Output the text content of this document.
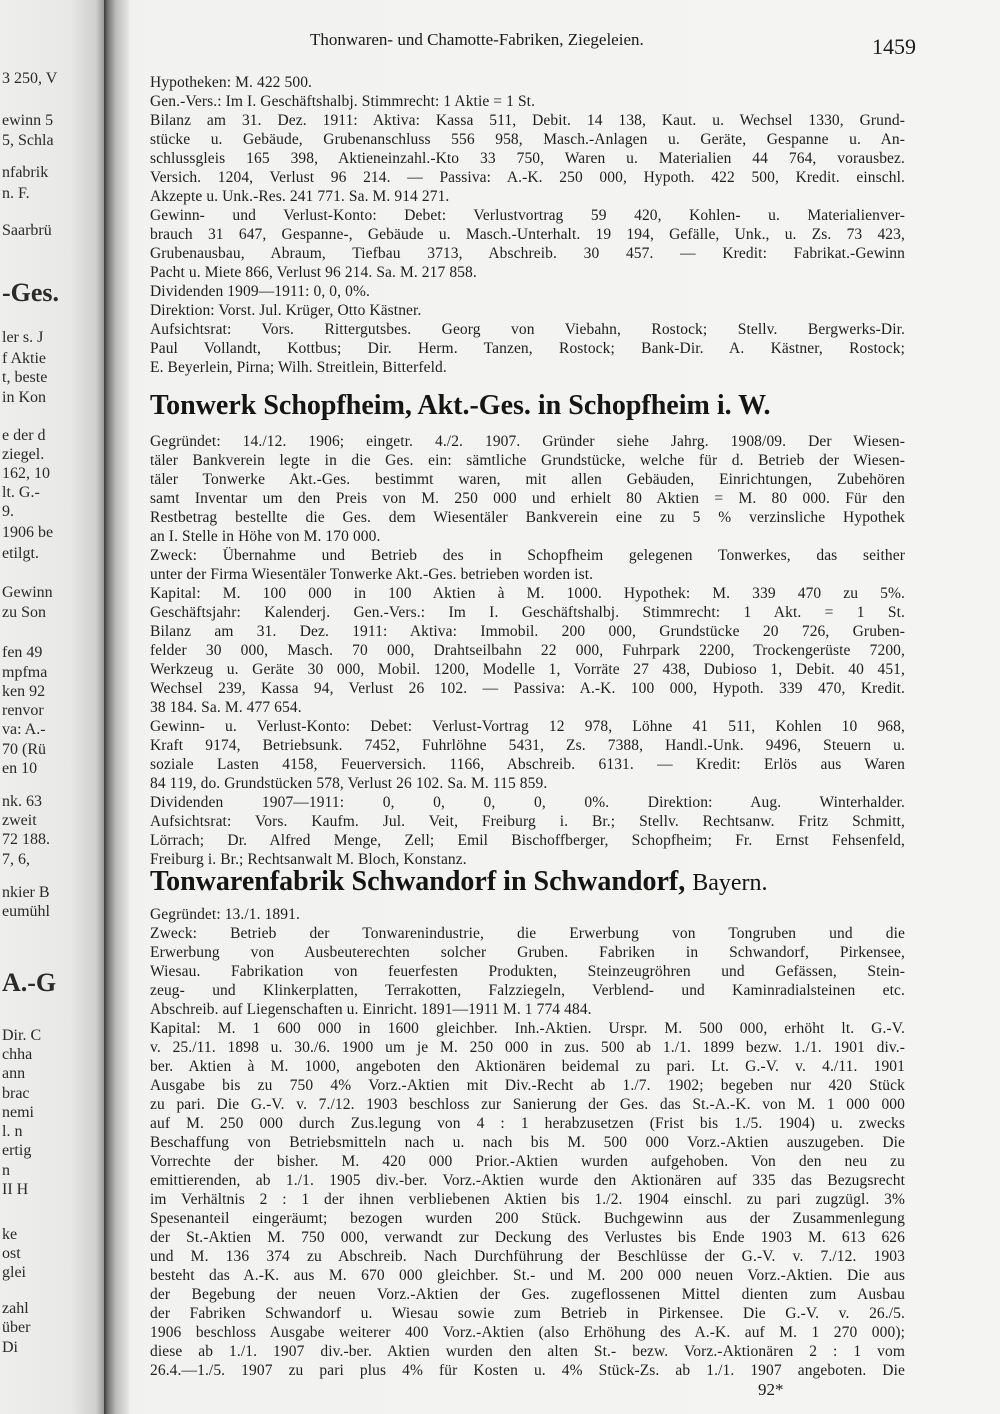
3 250, V
ewinn 5
5, Schla
nfabrik
n. F.
Saarbrü
-Ges.
ler s. J
f Aktie
t, beste
in Kon
e der d
ziegel.
162, 10
lt. G.-
9.
1906 be
etilgt.
Gewinn
zu Son
fen 49
mpfma
ken 92
renvor
va: A.-
70 (Rü
en 10
nk. 63
zweit
72 188.
7, 6,
nkier B
eumühl
A.-G
Dir. C
chha
ann
brac
nemi
l. n
ertig
n
II H
ke
ost
glei
zahl
über
Di
Thonwaren- und Chamotte-Fabriken, Ziegeleien.	1459
Hypotheken: M. 422 500.
Gen.-Vers.: Im I. Geschäftshalbj. Stimmrecht: 1 Aktie = 1 St.
Bilanz am 31. Dez. 1911: Aktiva: Kassa 511, Debit. 14 138, Kaut. u. Wechsel 1330, Grund-
stücke u. Gebäude, Grubenanschluss 556 958, Masch.-Anlagen u. Geräte, Gespanne u. An-
schlussgleis 165 398, Aktieneinzahl.-Kto 33 750, Waren u. Materialien 44 764, vorausbez.
Versich. 1204, Verlust 96 214. — Passiva: A.-K. 250 000, Hypoth. 422 500, Kredit. einschl.
Akzepte u. Unk.-Res. 241 771. Sa. M. 914 271.
Gewinn- und Verlust-Konto: Debet: Verlustvortrag 59 420, Kohlen- u. Materialienver-
brauch 31 647, Gespanne-, Gebäude u. Masch.-Unterhalt. 19 194, Gefälle, Unk., u. Zs. 73 423,
Grubenausbau, Abraum, Tiefbau 3713, Abschreib. 30 457. — Kredit: Fabrikat.-Gewinn
Pacht u. Miete 866, Verlust 96 214. Sa. M. 217 858.
Dividenden 1909—1911: 0, 0, 0%.
Direktion: Vorst. Jul. Krüger, Otto Kästner.
Aufsichtsrat: Vors. Rittergutsbes. Georg von Viebahn, Rostock; Stellv. Bergwerks-Dir.
Paul Vollandt, Kottbus; Dir. Herm. Tanzen, Rostock; Bank-Dir. A. Kästner, Rostock;
E. Beyerlein, Pirna; Wilh. Streitlein, Bitterfeld.
Gegründet: 14./12. 1906; eingetr. 4./2. 1907. Gründer siehe Jahrg. 1908/09. Der Wiesen-
täler Bankverein legte in die Ges. ein: sämtliche Grundstücke, welche für d. Betrieb der Wiesen-
täler Tonwerke Akt.-Ges. bestimmt waren, mit allen Gebäuden, Einrichtungen, Zubehören
samt Inventar um den Preis von M. 250 000 und erhielt 80 Aktien = M. 80 000. Für den
Restbetrag bestellte die Ges. dem Wiesentäler Bankverein eine zu 5 % verzinsliche Hypothek
an I. Stelle in Höhe von M. 170 000.
Zweck: Übernahme und Betrieb des in Schopfheim gelegenen Tonwerkes, das seither
unter der Firma Wiesentäler Tonwerke Akt.-Ges. betrieben worden ist.
Kapital: M. 100 000 in 100 Aktien à M. 1000. Hypothek: M. 339 470 zu 5%.
Geschäftsjahr: Kalenderj. Gen.-Vers.: Im I. Geschäftshalbj. Stimmrecht: 1 Akt. = 1 St.
Bilanz am 31. Dez. 1911: Aktiva: Immobil. 200 000, Grundstücke 20 726, Gruben-
felder 30 000, Masch. 70 000, Drahtseilbahn 22 000, Fuhrpark 2200, Trockengerüste 7200,
Werkzeug u. Geräte 30 000, Mobil. 1200, Modelle 1, Vorräte 27 438, Dubioso 1, Debit. 40 451,
Wechsel 239, Kassa 94, Verlust 26 102. — Passiva: A.-K. 100 000, Hypoth. 339 470, Kredit.
38 184. Sa. M. 477 654.
Gewinn- u. Verlust-Konto: Debet: Verlust-Vortrag 12 978, Löhne 41 511, Kohlen 10 968,
Kraft 9174, Betriebsunk. 7452, Fuhrlöhne 5431, Zs. 7388, Handl.-Unk. 9496, Steuern u.
soziale Lasten 4158, Feuerversich. 1166, Abschreib. 6131. — Kredit: Erlös aus Waren
84 119, do. Grundstücken 578, Verlust 26 102. Sa. M. 115 859.
Dividenden 1907—1911: 0, 0, 0, 0, 0%. Direktion: Aug. Winterhalder.
Aufsichtsrat: Vors. Kaufm. Jul. Veit, Freiburg i. Br.; Stellv. Rechtsanw. Fritz Schmitt,
Lörrach; Dr. Alfred Menge, Zell; Emil Bischoffberger, Schopfheim; Fr. Ernst Fehsenfeld,
Freiburg i. Br.; Rechtsanwalt M. Bloch, Konstanz.
Gegründet: 13./1. 1891.
Zweck: Betrieb der Tonwarenindustrie, die Erwerbung von Tongruben und die
Erwerbung von Ausbeuterechten solcher Gruben. Fabriken in Schwandorf, Pirkensee,
Wiesau. Fabrikation von feuerfesten Produkten, Steinzeugröhren und Gefässen, Stein-
zeug- und Klinkerplatten, Terrakotten, Falzziegeln, Verblend- und Kaminradialsteinen etc.
Abschreib. auf Liegenschaften u. Einricht. 1891—1911 M. 1 774 484.
Kapital: M. 1 600 000 in 1600 gleichber. Inh.-Aktien. Urspr. M. 500 000, erhöht lt. G.-V.
v. 25./11. 1898 u. 30./6. 1900 um je M. 250 000 in zus. 500 ab 1./1. 1899 bezw. 1./1. 1901 div.-
ber. Aktien à M. 1000, angeboten den Aktionären beidemal zu pari. Lt. G.-V. v. 4./11. 1901
Ausgabe bis zu 750 4% Vorz.-Aktien mit Div.-Recht ab 1./7. 1902; begeben nur 420 Stück
zu pari. Die G.-V. v. 7./12. 1903 beschloss zur Sanierung der Ges. das St.-A.-K. von M. 1 000 000
auf M. 250 000 durch Zus.legung von 4 : 1 herabzusetzen (Frist bis 1./5. 1904) u. zwecks
Beschaffung von Betriebsmitteln nach u. nach bis M. 500 000 Vorz.-Aktien auszugeben. Die
Vorrechte der bisher. M. 420 000 Prior.-Aktien wurden aufgehoben. Von den neu zu
emittierenden, ab 1./1. 1905 div.-ber. Vorz.-Aktien wurde den Aktionären auf 335 das Bezugsrecht
im Verhältnis 2 : 1 der ihnen verbliebenen Aktien bis 1./2. 1904 einschl. zu pari zugzügl. 3%
Spesenanteil eingeräumt; bezogen wurden 200 Stück. Buchgewinn aus der Zusammenlegung
der St.-Aktien M. 750 000, verwandt zur Deckung des Verlustes bis Ende 1903 M. 613 626
und M. 136 374 zu Abschreib. Nach Durchführung der Beschlüsse der G.-V. v. 7./12. 1903
besteht das A.-K. aus M. 670 000 gleichber. St.- und M. 200 000 neuen Vorz.-Aktien. Die aus
der Begebung der neuen Vorz.-Aktien der Ges. zugeflossenen Mittel dienten zum Ausbau
der Fabriken Schwandorf u. Wiesau sowie zum Betrieb in Pirkensee. Die G.-V. v. 26./5.
1906 beschloss Ausgabe weiterer 400 Vorz.-Aktien (also Erhöhung des A.-K. auf M. 1 270 000);
diese ab 1./1. 1907 div.-ber. Aktien wurden den alten St.- bezw. Vorz.-Aktionären 2 : 1 vom
26.4.—1./5. 1907 zu pari plus 4% für Kosten u. 4% Stück-Zs. ab 1./1. 1907 angeboten. Die
Tonwerk Schopfheim, Akt.-Ges. in Schopfheim i. W.
Tonwarenfabrik Schwandorf in Schwandorf, Bayern.
92*
